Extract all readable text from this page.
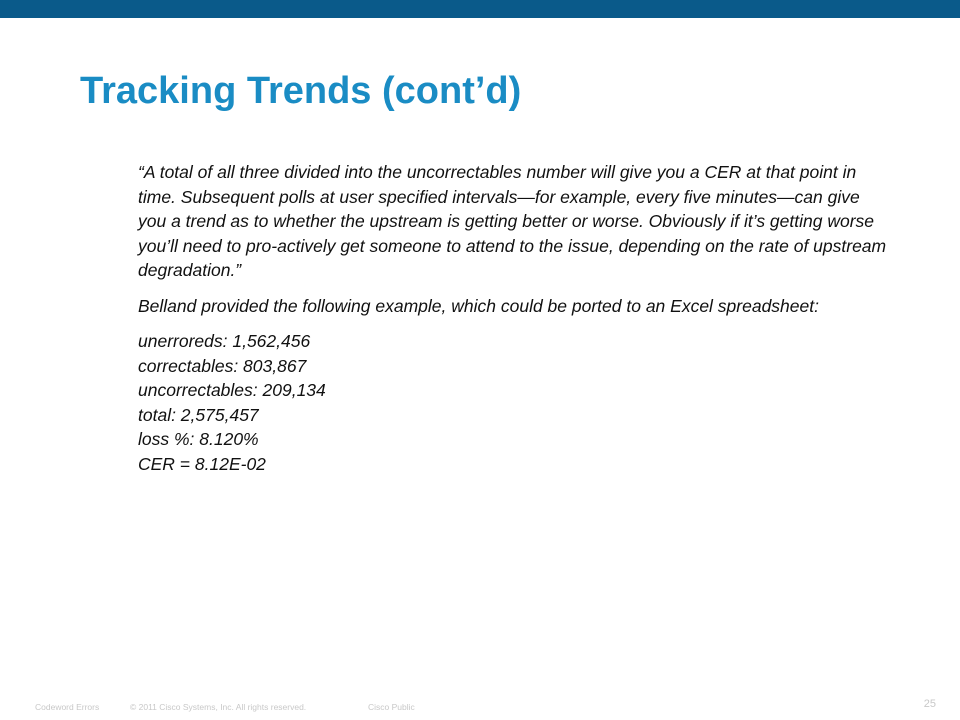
Tracking Trends (cont’d)

“A total of all three divided into the uncorrectables number will give you a CER at that point in time. Subsequent polls at user specified intervals—for example, every five minutes—can give you a trend as to whether the upstream is getting better or worse. Obviously if it’s getting worse you’ll need to pro-actively get someone to attend to the issue, depending on the rate of upstream degradation.”

Belland provided the following example, which could be ported to an Excel spreadsheet:

unerroreds: 1,562,456

correctables: 803,867

uncorrectables: 209,134

total: 2,575,457

loss %: 8.120%

CER = 8.12E-02

Codeword Errors	© 2011 Cisco Systems, Inc. All rights reserved.	Cisco Public	25
